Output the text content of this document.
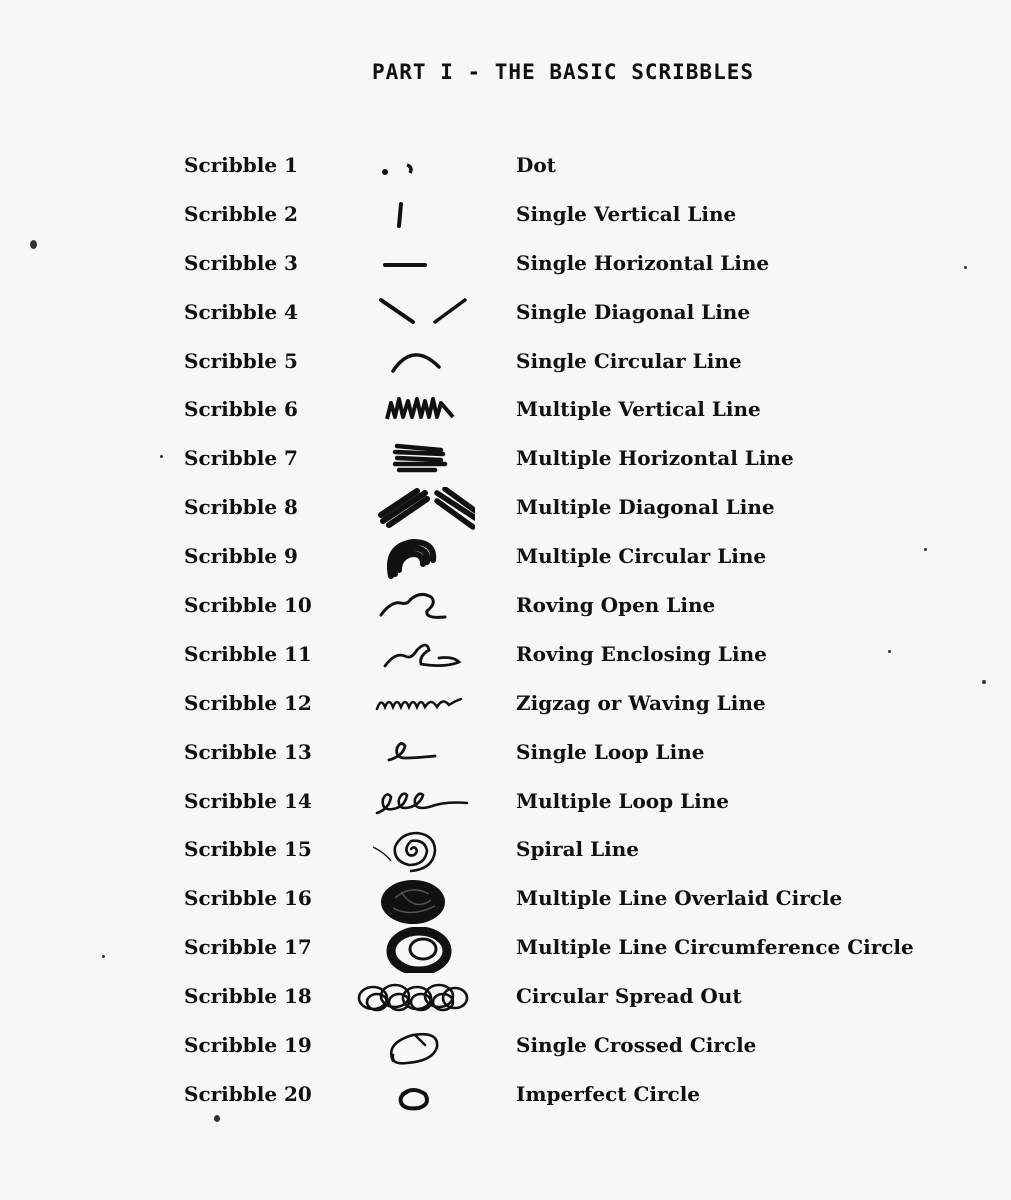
PART I - THE BASIC SCRIBBLES
Scribble 1	Dot
Scribble 2	Single Vertical Line
Scribble 3	Single Horizontal Line
Scribble 4	Single Diagonal Line
Scribble 5	Single Circular Line
Scribble 6	Multiple Vertical Line
Scribble 7	Multiple Horizontal Line
Scribble 8	Multiple Diagonal Line
Scribble 9	Multiple Circular Line
Scribble 10	Roving Open Line
Scribble 11	Roving Enclosing Line
Scribble 12	Zigzag or Waving Line
Scribble 13	Single Loop Line
Scribble 14	Multiple Loop Line
Scribble 15	Spiral Line
Scribble 16	Multiple Line Overlaid Circle
Scribble 17	Multiple Line Circumference Circle
Scribble 18	Circular Spread Out
Scribble 19	Single Crossed Circle
Scribble 20	Imperfect Circle
